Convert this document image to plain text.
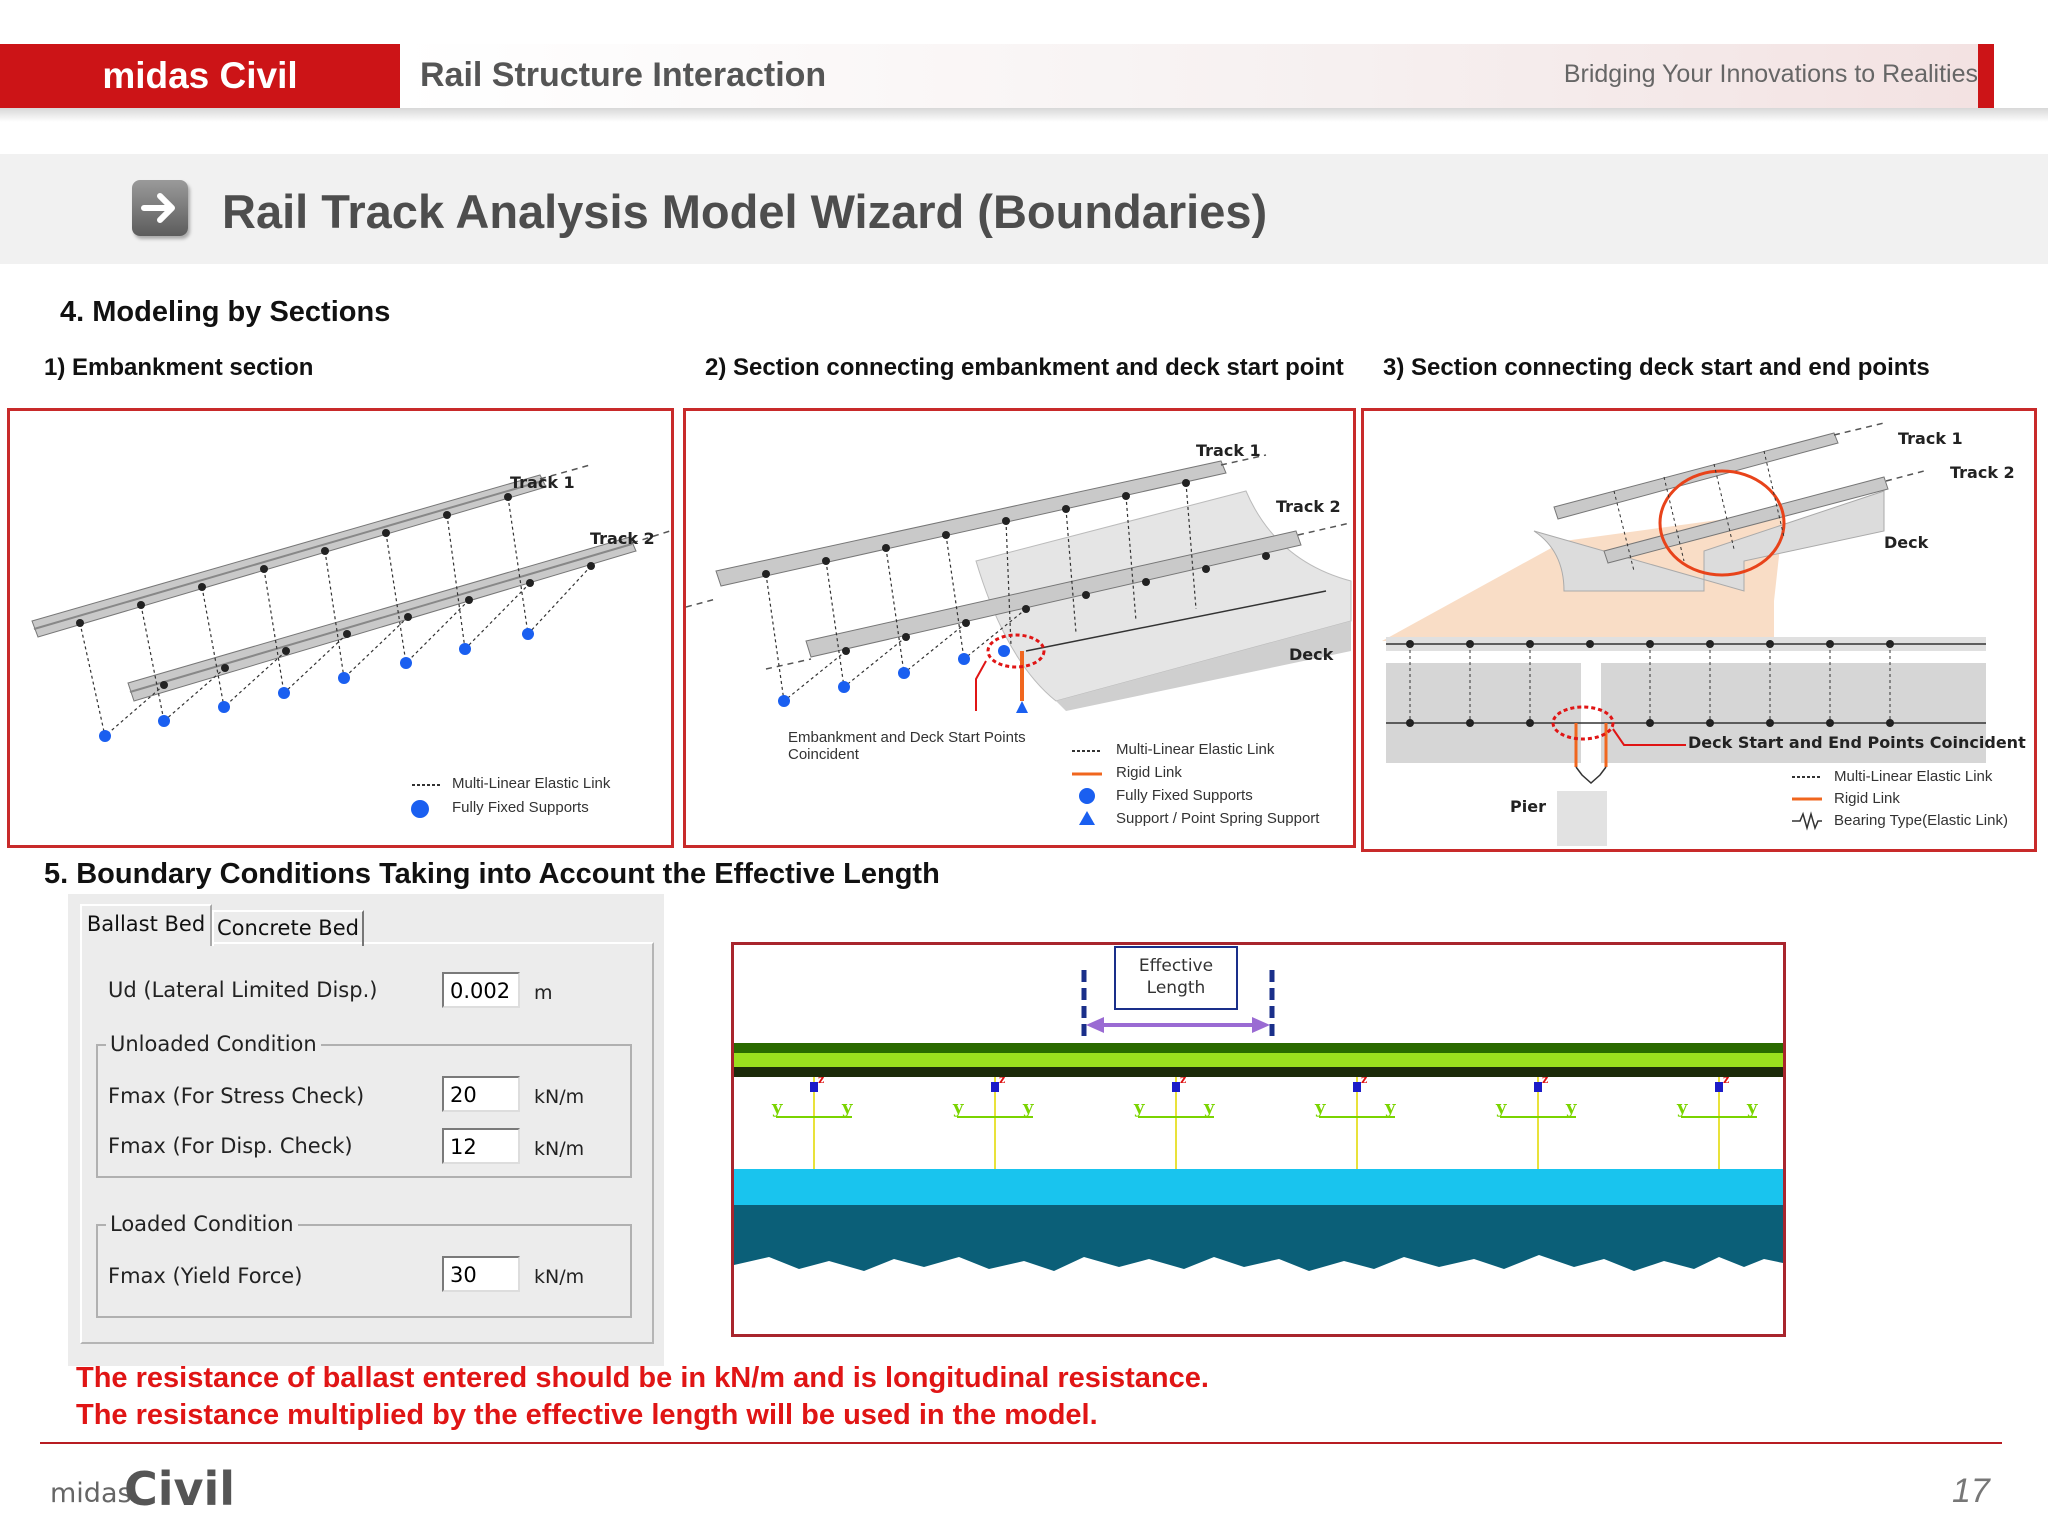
midas Civil	Rail Structure Interaction	Bridging Your Innovations to Realities
Rail Track Analysis Model Wizard (Boundaries)
4. Modeling by Sections
1) Embankment section	2) Section connecting embankment and deck start point 3) Section connecting deck start and end points
Track 1
Track 2
Multi-Linear Elastic Link
Fully Fixed Supports
Track 1
Track 2
Deck
Embankment and Deck Start Points Coincident	Multi-Linear Elastic Link
Rigid Link
Fully Fixed Supports
Support / Point Spring Support
Track 1
Track 2
Deck
Deck Start and End Points Coincident
Pier
Multi-Linear Elastic Link
Rigid Link
Bearing Type(Elastic Link)
5. Boundary Conditions Taking into Account the Effective Length
Ballast Bed Concrete Bed
Ud (Lateral Limited Disp.)	0.002	m
Unloaded Condition
Fmax (For Stress Check)	20	kN/m
Fmax (For Disp. Check)	12	kN/m
Loaded Condition
Fmax (Yield Force)	30	kN/m
Effective
Length
y	y	y	y	y	y	y	y	y	y	y	y
z	z	z	z	z	z
The resistance of ballast entered should be in kN/m and is longitudinal resistance.
The resistance multiplied by the effective length will be used in the model.
midas
Civil	17
